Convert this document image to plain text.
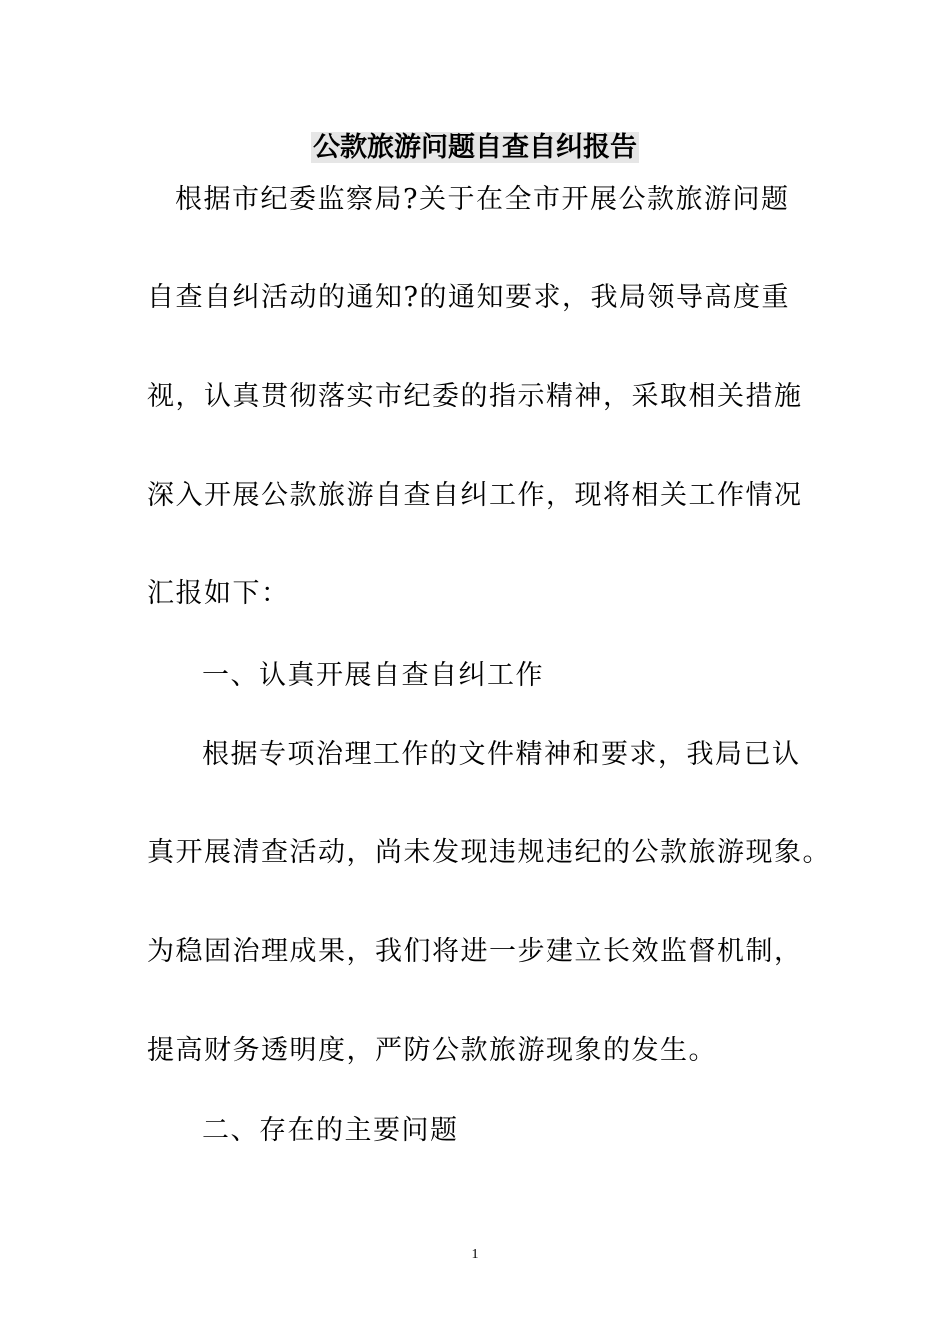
公款旅游问题自查自纠报告
根据市纪委监察局?关于在全市开展公款旅游问题
自查自纠活动的通知?的通知要求，我局领导高度重
视，认真贯彻落实市纪委的指示精神，采取相关措施
深入开展公款旅游自查自纠工作，现将相关工作情况
汇报如下：
一、认真开展自查自纠工作
根据专项治理工作的文件精神和要求，我局已认
真开展清查活动，尚未发现违规违纪的公款旅游现象。
为稳固治理成果，我们将进一步建立长效监督机制，
提高财务透明度，严防公款旅游现象的发生。
二、存在的主要问题
1
